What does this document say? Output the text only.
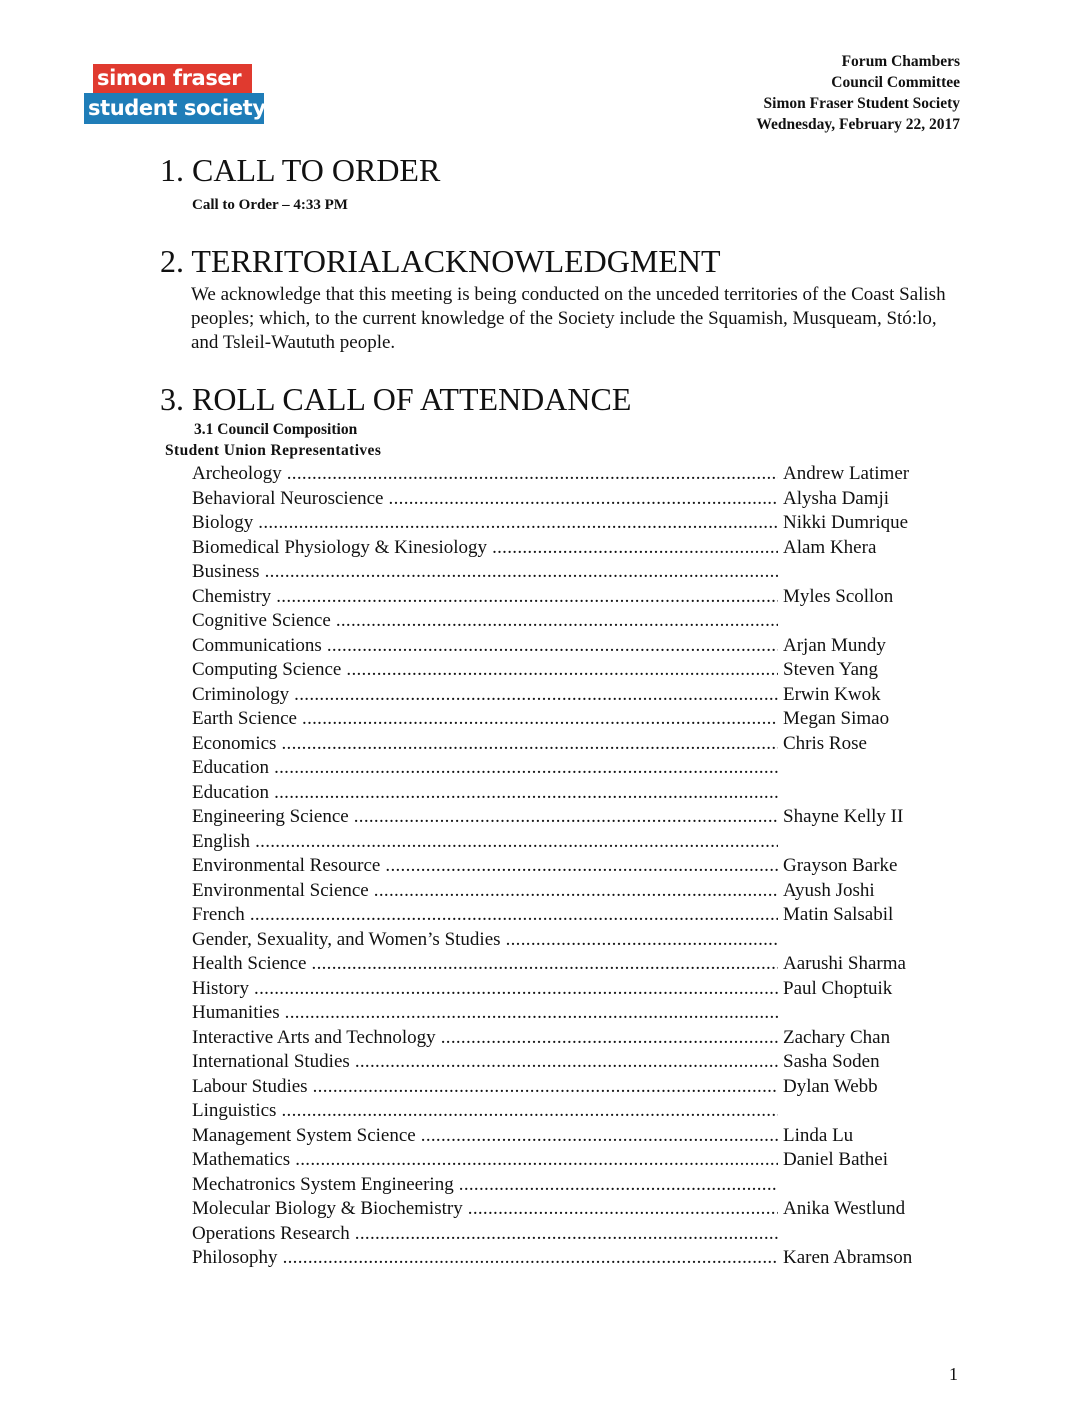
simon fraser
student society
Forum Chambers
Council Committee
Simon Fraser Student Society
Wednesday, February 22, 2017
1. CALL TO ORDER
Call to Order – 4:33 PM
2. TERRITORIALACKNOWLEDGMENT
We acknowledge that this meeting is being conducted on the unceded territories of the Coast Salish peoples; which, to the current knowledge of the Society include the Squamish, Musqueam, Stó:lo, and Tsleil-Waututh people.
3. ROLL CALL OF ATTENDANCE
3.1 Council Composition
Student Union Representatives
Archeology .....	Andrew Latimer
Behavioral Neuroscience .....	Alysha Damji
Biology .....	Nikki Dumrique
Biomedical Physiology & Kinesiology .....	Alam Khera
Business .....
Chemistry .....	Myles Scollon
Cognitive Science .....
Communications .....	Arjan Mundy
Computing Science .....	Steven Yang
Criminology .....	Erwin Kwok
Earth Science .....	Megan Simao
Economics .....	Chris Rose
Education .....
Education .....
Engineering Science .....	Shayne Kelly II
English .....
Environmental Resource .....	Grayson Barke
Environmental Science .....	Ayush Joshi
French .....	Matin Salsabil
Gender, Sexuality, and Women’s Studies .....
Health Science .....	Aarushi Sharma
History .....	Paul Choptuik
Humanities .....
Interactive Arts and Technology .....	Zachary Chan
International Studies .....	Sasha Soden
Labour Studies .....	Dylan Webb
Linguistics .....
Management System Science .....	Linda Lu
Mathematics .....	Daniel Bathei
Mechatronics System Engineering .....
Molecular Biology & Biochemistry .....	Anika Westlund
Operations Research .....
Philosophy .....	Karen Abramson
1
